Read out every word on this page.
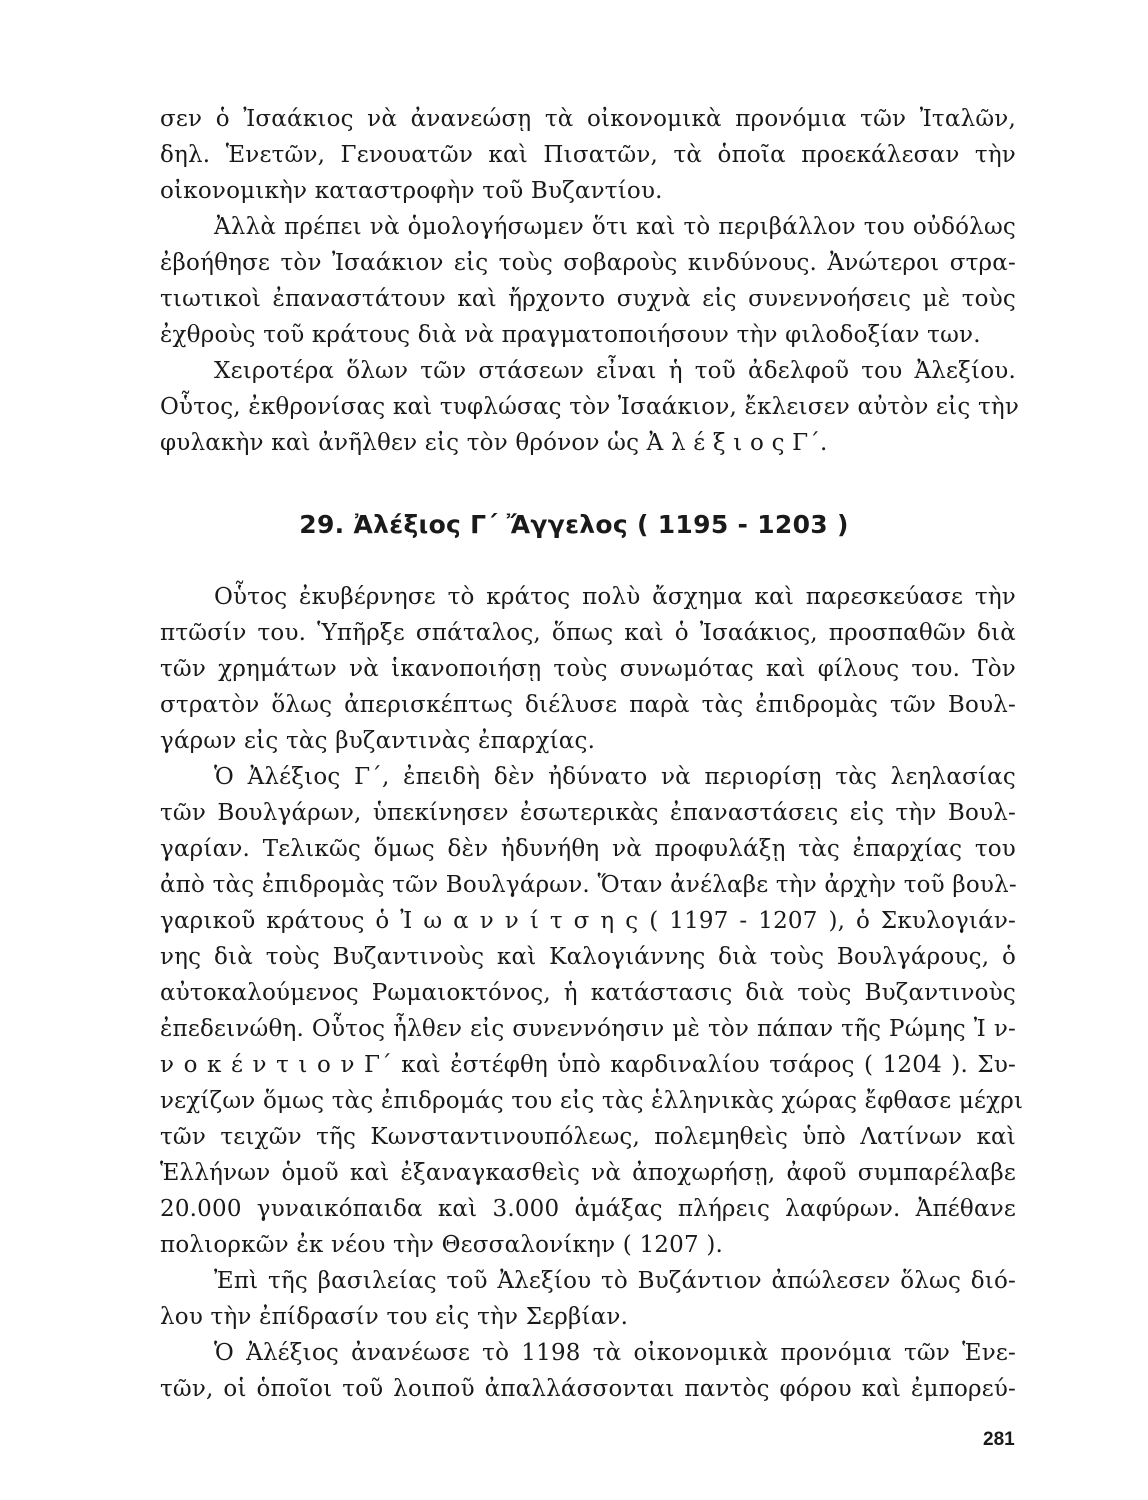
σεν ὁ Ἰσαάκιος νὰ ἀνανεώσῃ τὰ οἰκονομικὰ προνόμια τῶν Ἰταλῶν,
δηλ. Ἑνετῶν, Γενουατῶν καὶ Πισατῶν, τὰ ὁποῖα προεκάλεσαν τὴν
οἰκονομικὴν καταστροφὴν τοῦ Βυζαντίου.
Ἀλλὰ πρέπει νὰ ὁμολογήσωμεν ὅτι καὶ τὸ περιβάλλον του οὐδόλως
ἐβοήθησε τὸν Ἰσαάκιον εἰς τοὺς σοβαροὺς κινδύνους. Ἀνώτεροι στρα-
τιωτικοὶ ἐπαναστάτουν καὶ ἤρχοντο συχνὰ εἰς συνεννοήσεις μὲ τοὺς
ἐχθροὺς τοῦ κράτους διὰ νὰ πραγματοποιήσουν τὴν φιλοδοξίαν των.
Χειροτέρα ὅλων τῶν στάσεων εἶναι ἡ τοῦ ἀδελφοῦ του Ἀλεξίου.
Οὗτος, ἐκθρονίσας καὶ τυφλώσας τὸν Ἰσαάκιον, ἔκλεισεν αὐτὸν εἰς τὴν
φυλακὴν καὶ ἀνῆλθεν εἰς τὸν θρόνον ὡς Ἀ λ έ ξ ι ο ς Γ΄.
29. Ἀλέξιος Γ΄ Ἄγγελος ( 1195 - 1203 )
Οὗτος ἐκυβέρνησε τὸ κράτος πολὺ ἄσχημα καὶ παρεσκεύασε τὴν
πτῶσίν του. Ὑπῆρξε σπάταλος, ὅπως καὶ ὁ Ἰσαάκιος, προσπαθῶν διὰ
τῶν χρημάτων νὰ ἱκανοποιήσῃ τοὺς συνωμότας καὶ φίλους του. Τὸν
στρατὸν ὅλως ἀπερισκέπτως διέλυσε παρὰ τὰς ἐπιδρομὰς τῶν Βουλ-
γάρων εἰς τὰς βυζαντινὰς ἐπαρχίας.
Ὁ Ἀλέξιος Γ΄, ἐπειδὴ δὲν ἠδύνατο νὰ περιορίσῃ τὰς λεηλασίας
τῶν Βουλγάρων, ὑπεκίνησεν ἐσωτερικὰς ἐπαναστάσεις εἰς τὴν Βουλ-
γαρίαν. Τελικῶς ὅμως δὲν ἠδυνήθη νὰ προφυλάξῃ τὰς ἐπαρχίας του
ἀπὸ τὰς ἐπιδρομὰς τῶν Βουλγάρων. Ὅταν ἀνέλαβε τὴν ἀρχὴν τοῦ βουλ-
γαρικοῦ κράτους ὁ Ἰ ω α ν ν ί τ σ η ς ( 1197 - 1207 ), ὁ Σκυλογιάν-
νης διὰ τοὺς Βυζαντινοὺς καὶ Καλογιάννης διὰ τοὺς Βουλγάρους, ὁ
αὐτοκαλούμενος Ρωμαιοκτόνος, ἡ κατάστασις διὰ τοὺς Βυζαντινοὺς
ἐπεδεινώθη. Οὗτος ἦλθεν εἰς συνεννόησιν μὲ τὸν πάπαν τῆς Ρώμης Ἰ ν-
ν ο κ έ ν τ ι ο ν Γ΄ καὶ ἐστέφθη ὑπὸ καρδιναλίου τσάρος ( 1204 ). Συ-
νεχίζων ὅμως τὰς ἐπιδρομάς του εἰς τὰς ἑλληνικὰς χώρας ἔφθασε μέχρι
τῶν τειχῶν τῆς Κωνσταντινουπόλεως, πολεμηθεὶς ὑπὸ Λατίνων καὶ
Ἑλλήνων ὁμοῦ καὶ ἐξαναγκασθεὶς νὰ ἀποχωρήσῃ, ἀφοῦ συμπαρέλαβε
20.000 γυναικόπαιδα καὶ 3.000 ἁμάξας πλήρεις λαφύρων. Ἀπέθανε
πολιορκῶν ἐκ νέου τὴν Θεσσαλονίκην ( 1207 ).
Ἐπὶ τῆς βασιλείας τοῦ Ἀλεξίου τὸ Βυζάντιον ἀπώλεσεν ὅλως διό-
λου τὴν ἐπίδρασίν του εἰς τὴν Σερβίαν.
Ὁ Ἀλέξιος ἀνανέωσε τὸ 1198 τὰ οἰκονομικὰ προνόμια τῶν Ἑνε-
τῶν, οἱ ὁποῖοι τοῦ λοιποῦ ἀπαλλάσσονται παντὸς φόρου καὶ ἐμπορεύ-
281
